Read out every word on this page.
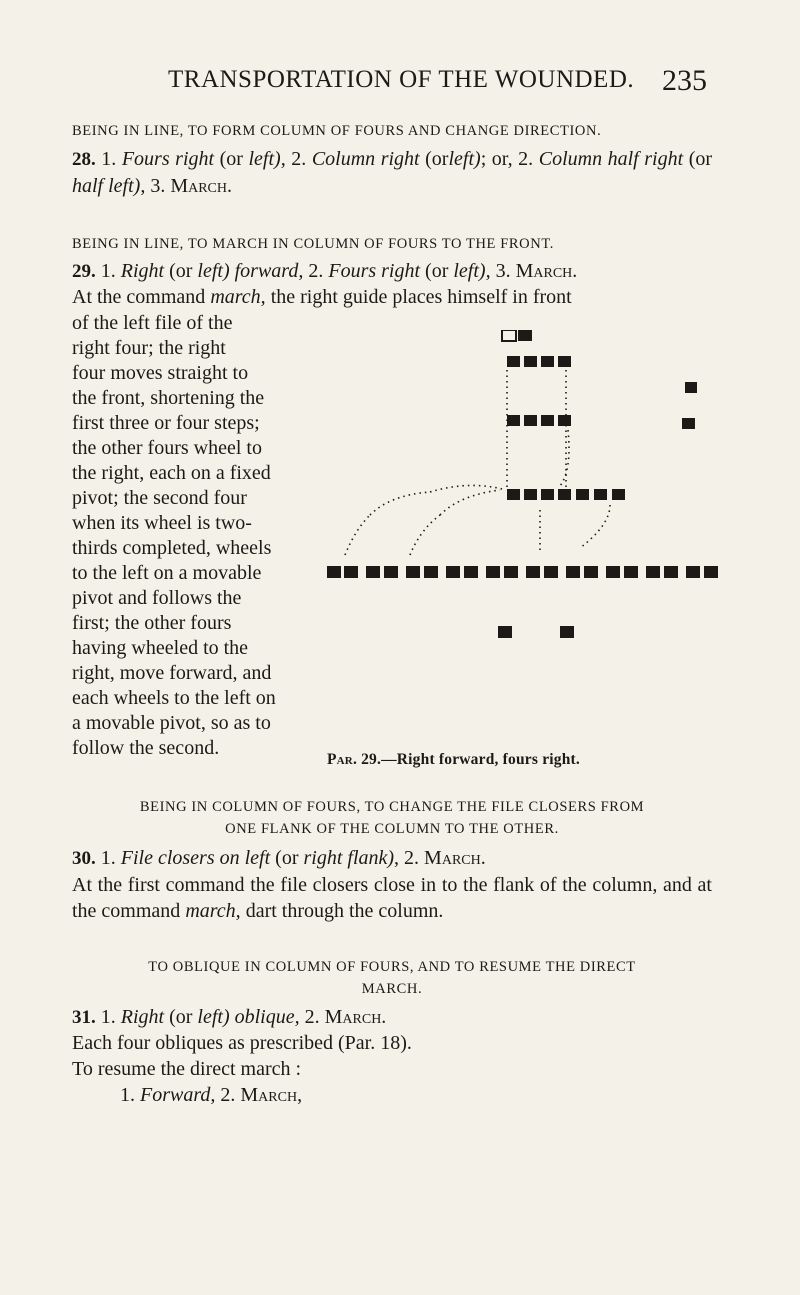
TRANSPORTATION OF THE WOUNDED. 235
BEING IN LINE, TO FORM COLUMN OF FOURS AND CHANGE DIRECTION.
28. 1. Fours right (or left), 2. Column right (orleft); or, 2. Column half right (or half left), 3. March.
BEING IN LINE, TO MARCH IN COLUMN OF FOURS TO THE FRONT.
29. 1. Right (or left) forward, 2. Fours right (or left), 3. March.
At the command march, the right guide places himself in front
of the left file of the
right four; the right
four moves straight to
the front, shortening the
first three or four steps;
the other fours wheel to
the right, each on a fixed
pivot; the second four
when its wheel is two-
thirds completed, wheels
to the left on a movable
pivot and follows the
first; the other fours
having wheeled to the
right, move forward, and
each wheels to the left on
a movable pivot, so as to
follow the second.
Par. 29.—Right forward, fours right.
BEING IN COLUMN OF FOURS, TO CHANGE THE FILE CLOSERS FROM
ONE FLANK OF THE COLUMN TO THE OTHER.
30. 1. File closers on left (or right flank), 2. March.
At the first command the file closers close in to the flank of the column, and at the command march, dart through the column.
TO OBLIQUE IN COLUMN OF FOURS, AND TO RESUME THE DIRECT
MARCH.
31. 1. Right (or left) oblique, 2. March.
Each four obliques as prescribed (Par. 18).
To resume the direct march :
1. Forward, 2. March,
